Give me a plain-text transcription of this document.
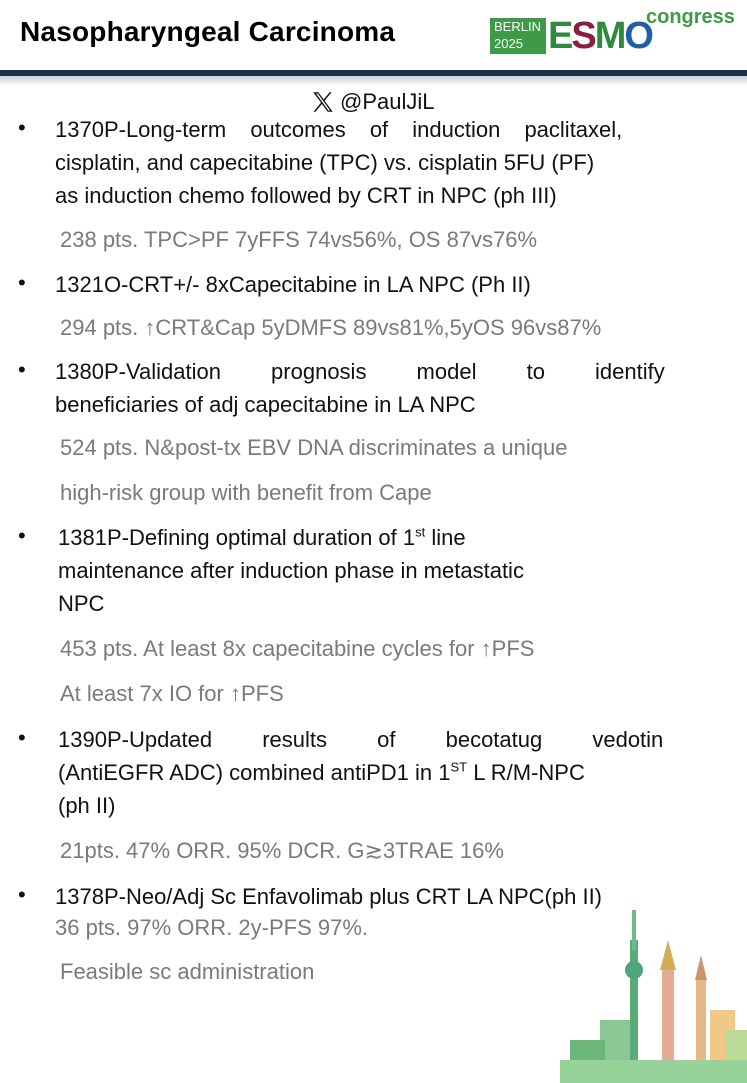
Nasopharyngeal Carcinoma	BERLIN
2025 ESMO
congress
@PaulJiL
• 1370P-Long-term outcomes of induction paclitaxel,
cisplatin, and capecitabine (TPC) vs. cisplatin 5FU (PF)
as induction chemo followed by CRT in NPC (ph III)
238 pts. TPC>PF 7yFFS 74vs56%, OS 87vs76%
• 1321O-CRT+/- 8xCapecitabine in LA NPC (Ph II)
294 pts. ↑CRT&Cap 5yDMFS 89vs81%,5yOS 96vs87%
• 1380P-Validation prognosis model to identify
beneficiaries of adj capecitabine in LA NPC
524 pts. N&post-tx EBV DNA discriminates a unique
high-risk group with benefit from Cape
• 1381P-Defining optimal duration of 1st line
maintenance after induction phase in metastatic
NPC
453 pts. At least 8x capecitabine cycles for ↑PFS
At least 7x IO for ↑PFS
• 1390P-Updated results of becotatug vedotin
(AntiEGFR ADC) combined antiPD1 in 1ST L R/M-NPC
(ph II)
21pts. 47% ORR. 95% DCR. G≳3TRAE 16%
• 1378P-Neo/Adj Sc Enfavolimab plus CRT LA NPC(ph II)
36 pts. 97% ORR. 2y-PFS 97%.
Feasible sc administration
